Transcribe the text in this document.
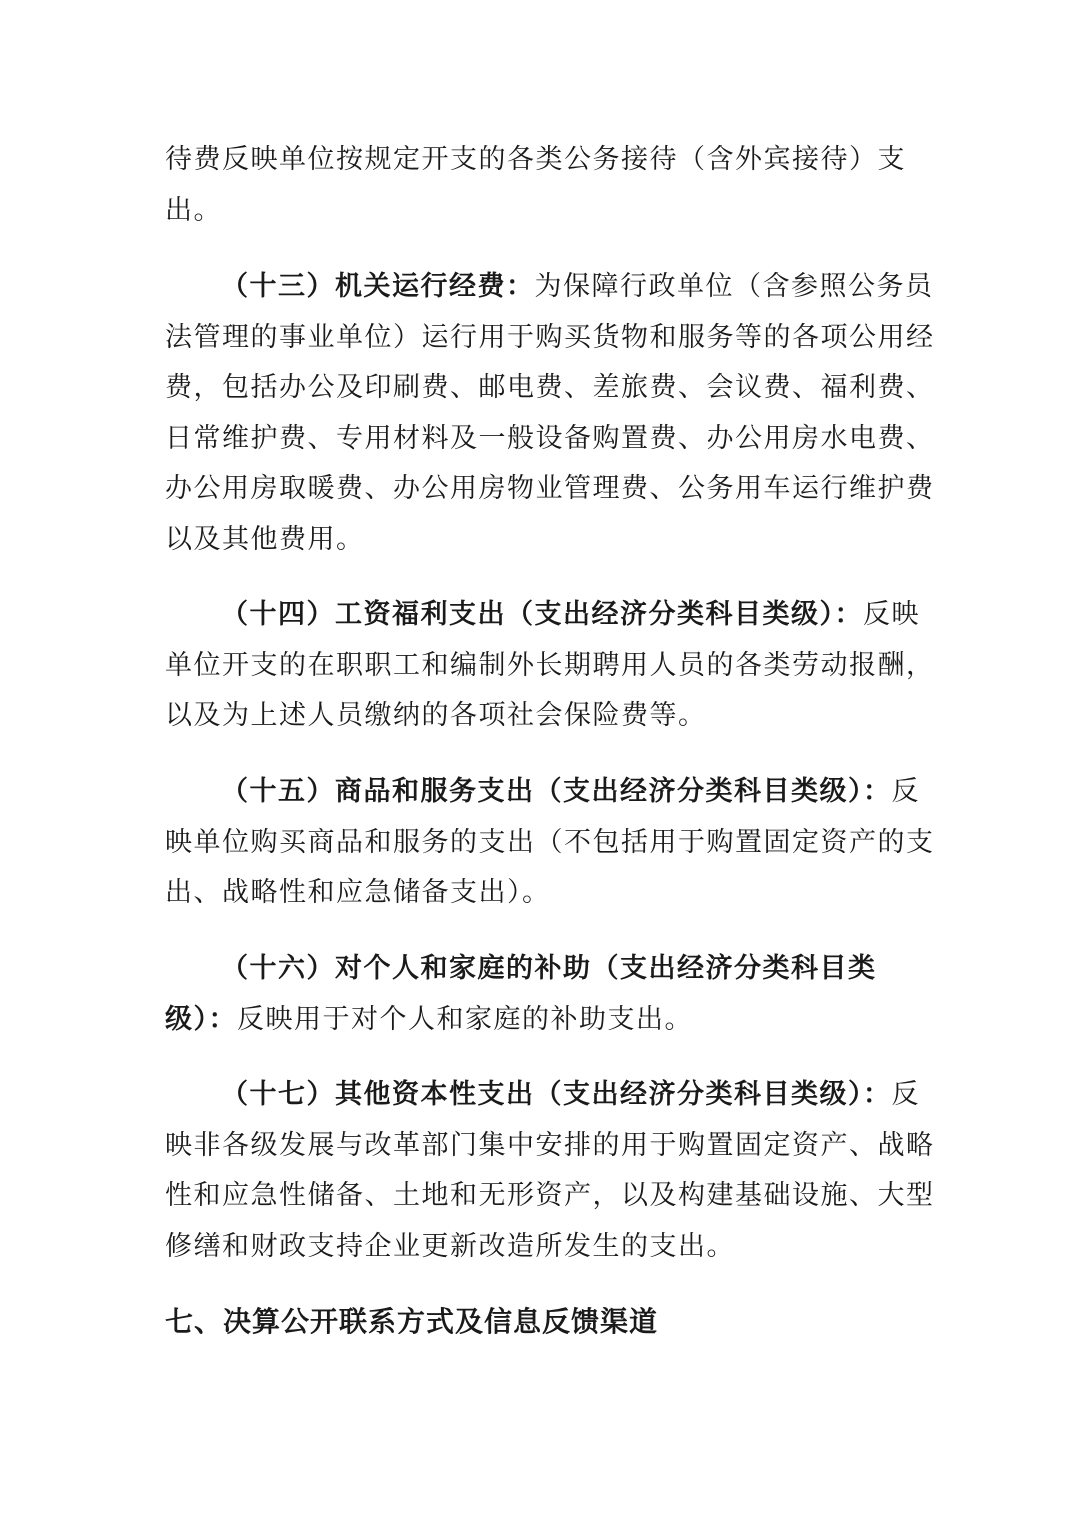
待费反映单位按规定开支的各类公务接待（含外宾接待）支
出。
（十三）机关运行经费：为保障行政单位（含参照公务员
法管理的事业单位）运行用于购买货物和服务等的各项公用经
费，包括办公及印刷费、邮电费、差旅费、会议费、福利费、
日常维护费、专用材料及一般设备购置费、办公用房水电费、
办公用房取暖费、办公用房物业管理费、公务用车运行维护费
以及其他费用。
（十四）工资福利支出（支出经济分类科目类级）：反映
单位开支的在职职工和编制外长期聘用人员的各类劳动报酬，
以及为上述人员缴纳的各项社会保险费等。
（十五）商品和服务支出（支出经济分类科目类级）：反
映单位购买商品和服务的支出（不包括用于购置固定资产的支
出、战略性和应急储备支出）。
（十六）对个人和家庭的补助（支出经济分类科目类
级）：反映用于对个人和家庭的补助支出。
（十七）其他资本性支出（支出经济分类科目类级）：反
映非各级发展与改革部门集中安排的用于购置固定资产、战略
性和应急性储备、土地和无形资产，以及构建基础设施、大型
修缮和财政支持企业更新改造所发生的支出。
七、决算公开联系方式及信息反馈渠道
